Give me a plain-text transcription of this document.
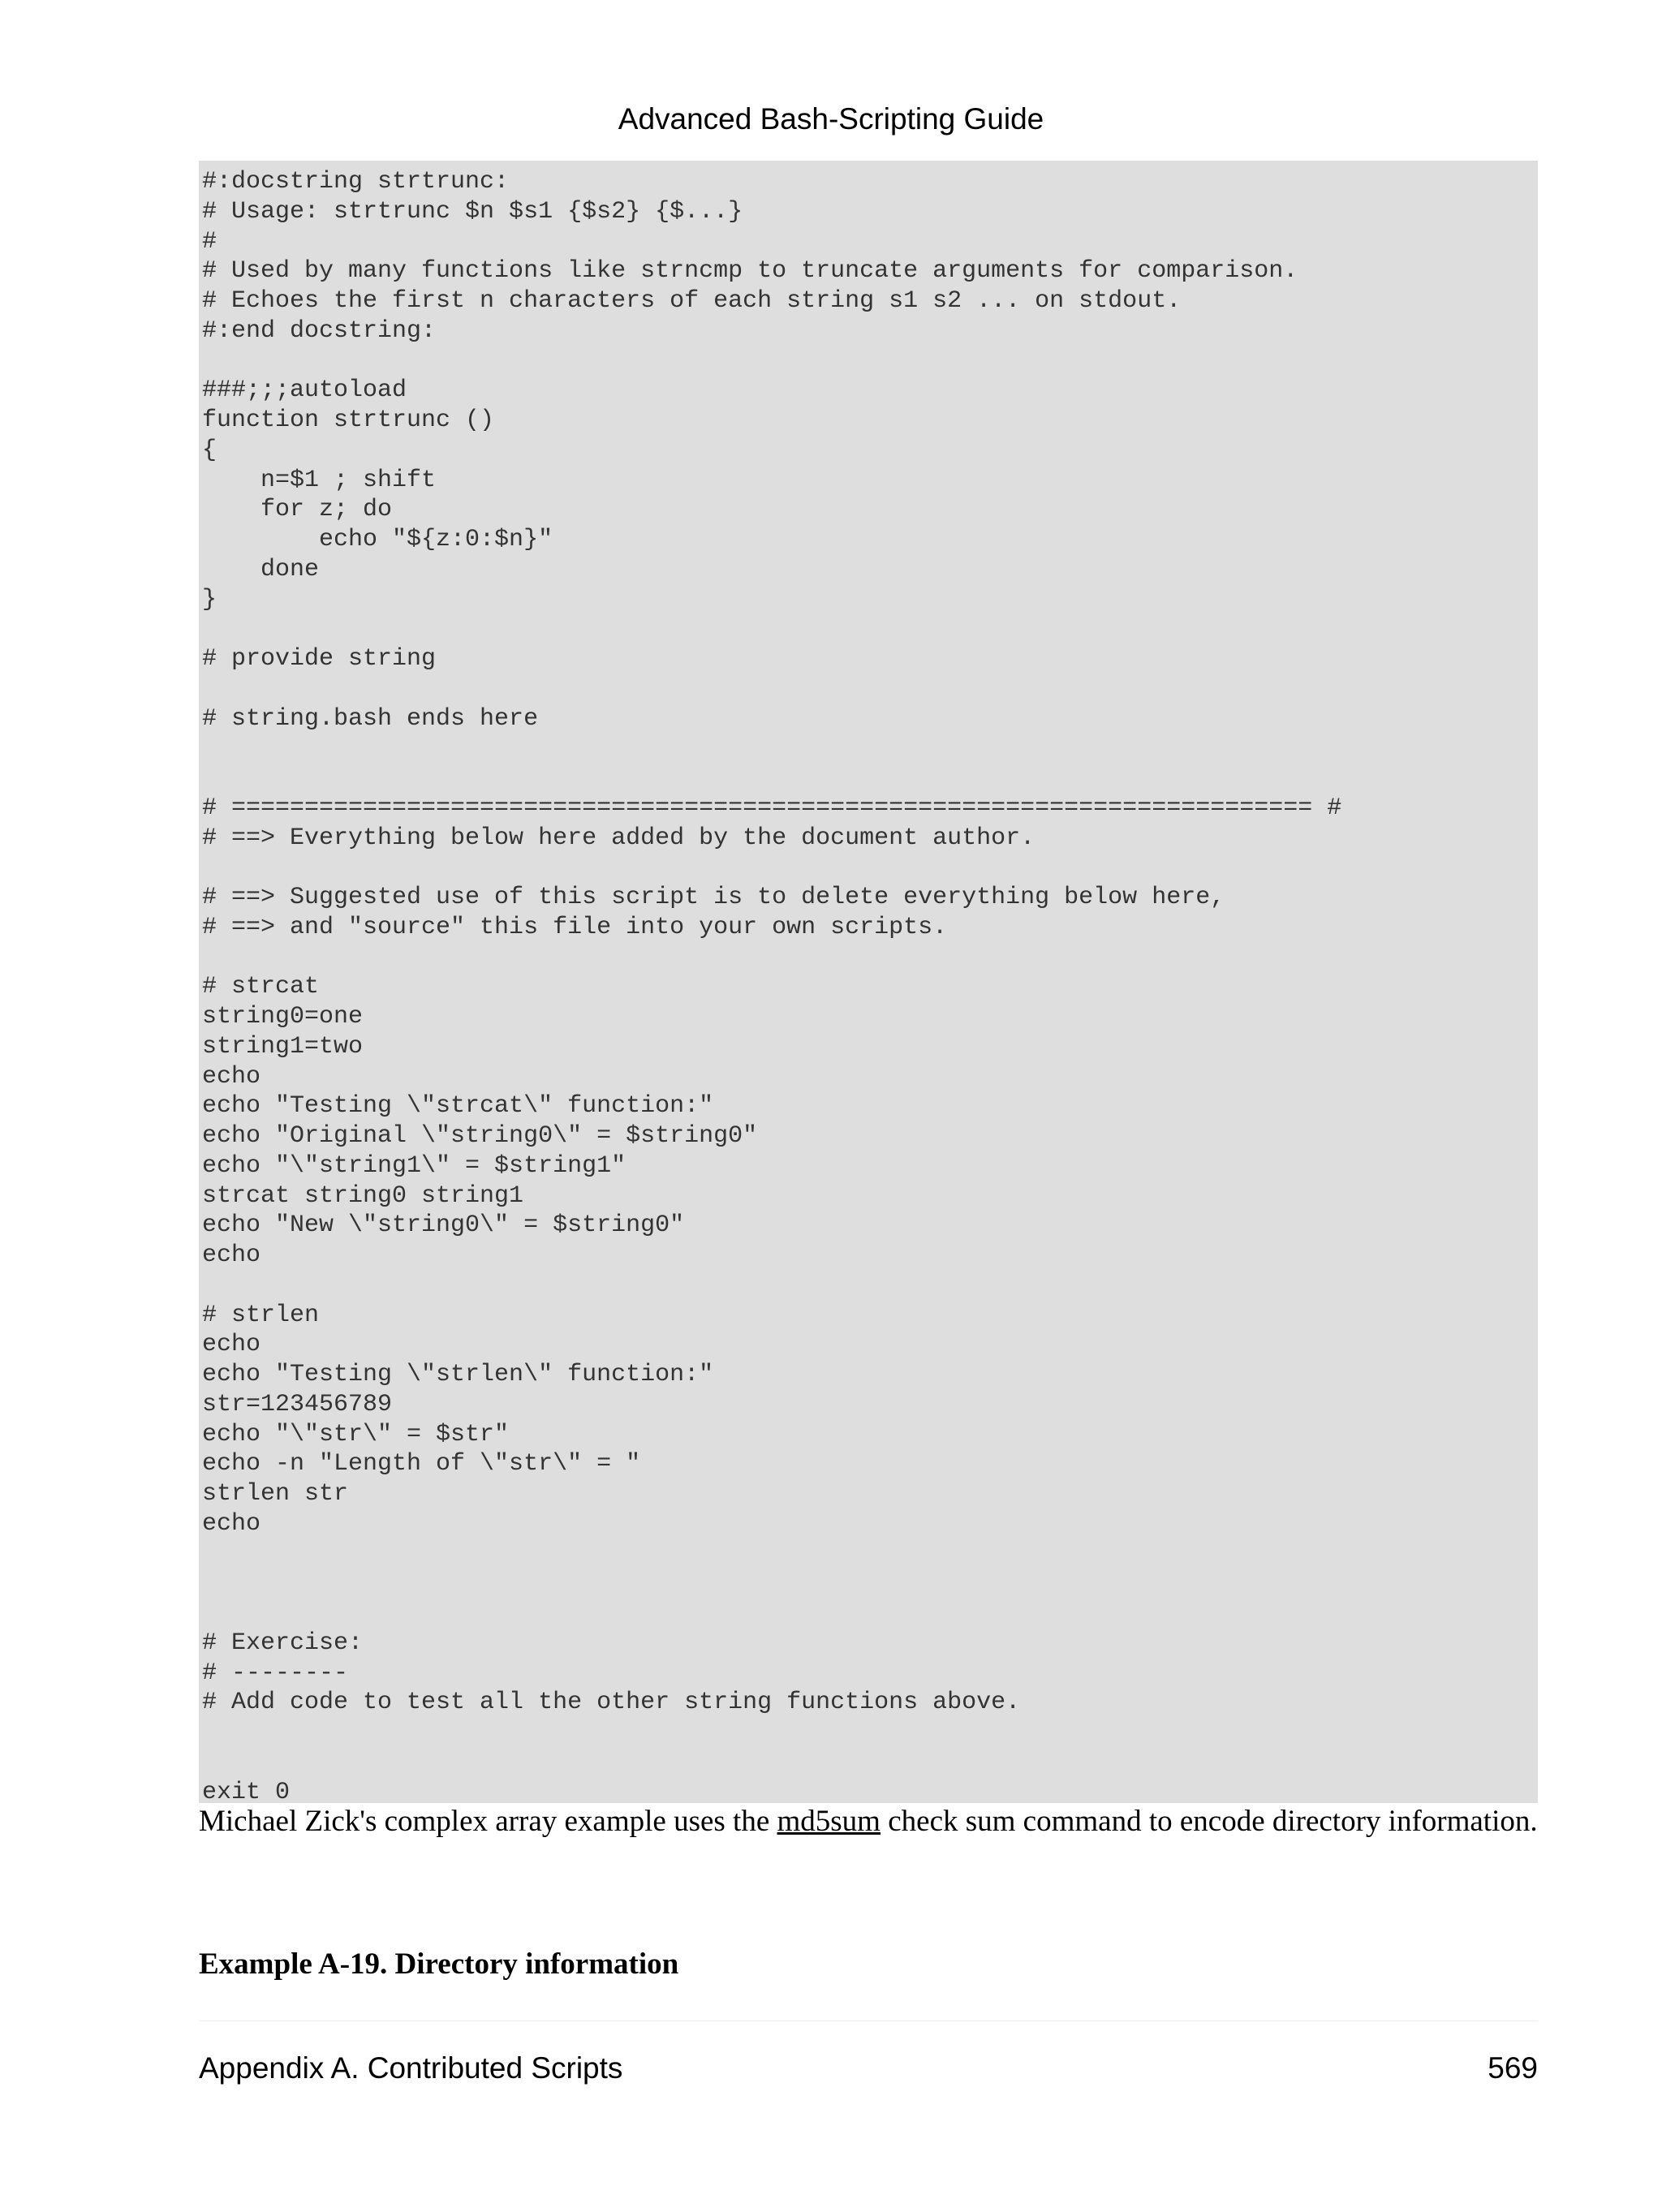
Advanced Bash-Scripting Guide
#:docstring strtrunc:
# Usage: strtrunc $n $s1 {$s2} {$...}
#
# Used by many functions like strncmp to truncate arguments for comparison.
# Echoes the first n characters of each string s1 s2 ... on stdout.
#:end docstring:

###;;;autoload
function strtrunc ()
{
n=$1 ; shift
for z; do
echo "${z:0:$n}"
done
}

# provide string

# string.bash ends here

# ========================================================================== #
# ==> Everything below here added by the document author.

# ==> Suggested use of this script is to delete everything below here,
# ==> and "source" this file into your own scripts.

# strcat
string0=one
string1=two
echo
echo "Testing \"strcat\" function:"
echo "Original \"string0\" = $string0"
echo "\"string1\" = $string1"
strcat string0 string1
echo "New \"string0\" = $string0"
echo

# strlen
echo
echo "Testing \"strlen\" function:"
str=123456789
echo "\"str\" = $str"
echo -n "Length of \"str\" = "
strlen str
echo

# Exercise:
# --------
# Add code to test all the other string functions above.

exit 0

Michael Zick's complex array example uses the md5sum check sum command to encode directory information.

Example A-19. Directory information

Appendix A. Contributed Scripts	569
